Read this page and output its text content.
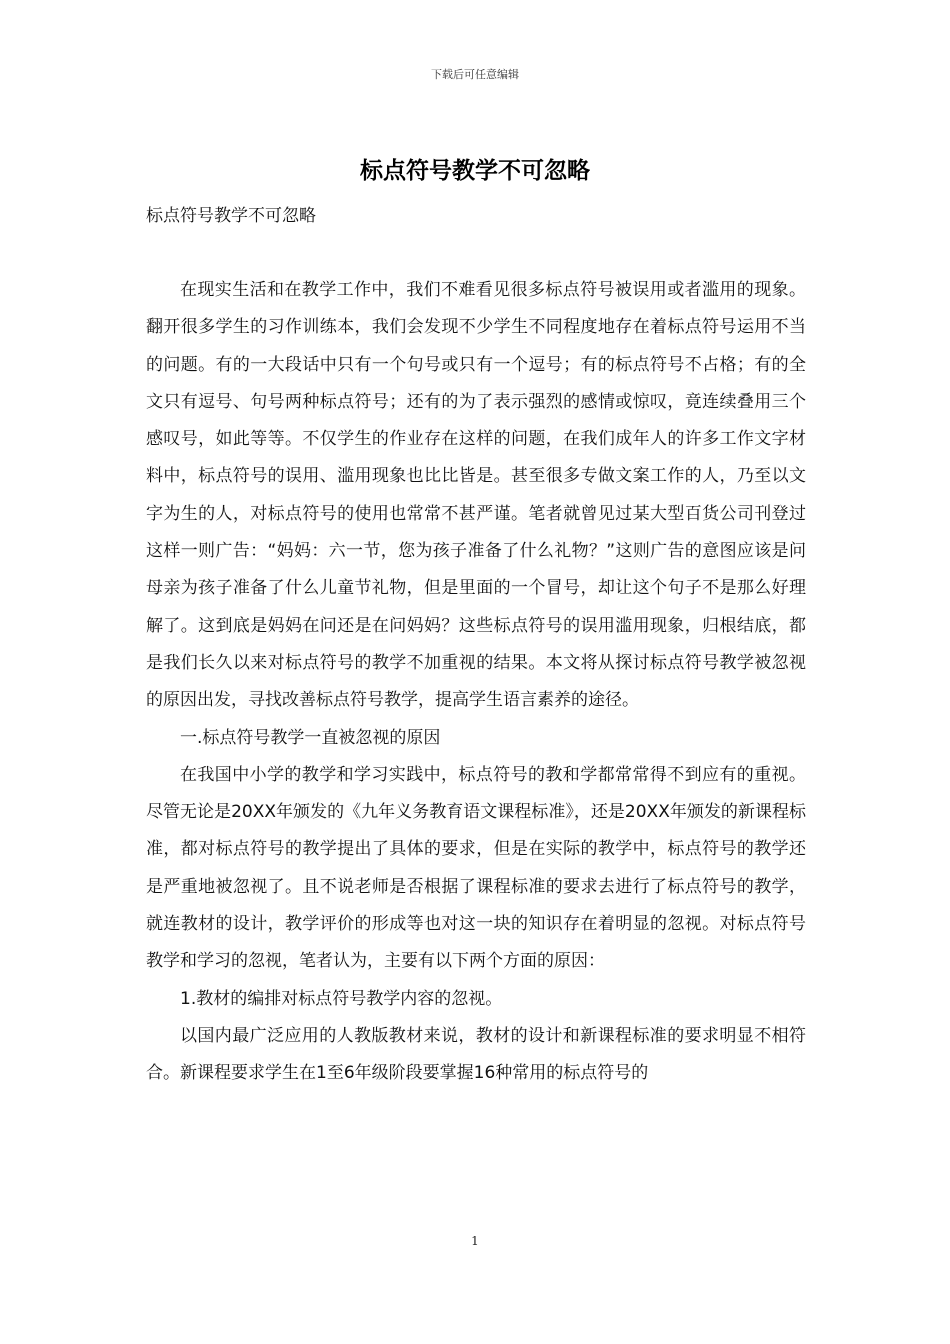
下载后可任意编辑
标点符号教学不可忽略
标点符号教学不可忽略

在现实生活和在教学工作中，我们不难看见很多标点符号被误用或者滥用的现象。翻开很多学生的习作训练本，我们会发现不少学生不同程度地存在着标点符号运用不当的问题。有的一大段话中只有一个句号或只有一个逗号；有的标点符号不占格；有的全文只有逗号、句号两种标点符号；还有的为了表示强烈的感情或惊叹，竟连续叠用三个感叹号，如此等等。不仅学生的作业存在这样的问题，在我们成年人的许多工作文字材料中，标点符号的误用、滥用现象也比比皆是。甚至很多专做文案工作的人，乃至以文字为生的人，对标点符号的使用也常常不甚严谨。笔者就曾见过某大型百货公司刊登过这样一则广告：“妈妈：六一节，您为孩子准备了什么礼物？”这则广告的意图应该是问母亲为孩子准备了什么儿童节礼物，但是里面的一个冒号，却让这个句子不是那么好理解了。这到底是妈妈在问还是在问妈妈？这些标点符号的误用滥用现象，归根结底，都是我们长久以来对标点符号的教学不加重视的结果。本文将从探讨标点符号教学被忽视的原因出发，寻找改善标点符号教学，提高学生语言素养的途径。

一.标点符号教学一直被忽视的原因

在我国中小学的教学和学习实践中，标点符号的教和学都常常得不到应有的重视。尽管无论是20XX年颁发的《九年义务教育语文课程标准》，还是20XX年颁发的新课程标准，都对标点符号的教学提出了具体的要求，但是在实际的教学中，标点符号的教学还是严重地被忽视了。且不说老师是否根据了课程标准的要求去进行了标点符号的教学，就连教材的设计，教学评价的形成等也对这一块的知识存在着明显的忽视。对标点符号教学和学习的忽视，笔者认为，主要有以下两个方面的原因：

1.教材的编排对标点符号教学内容的忽视。

以国内最广泛应用的人教版教材来说，教材的设计和新课程标准的要求明显不相符合。新课程要求学生在1至6年级阶段要掌握16种常用的标点符号的

1
